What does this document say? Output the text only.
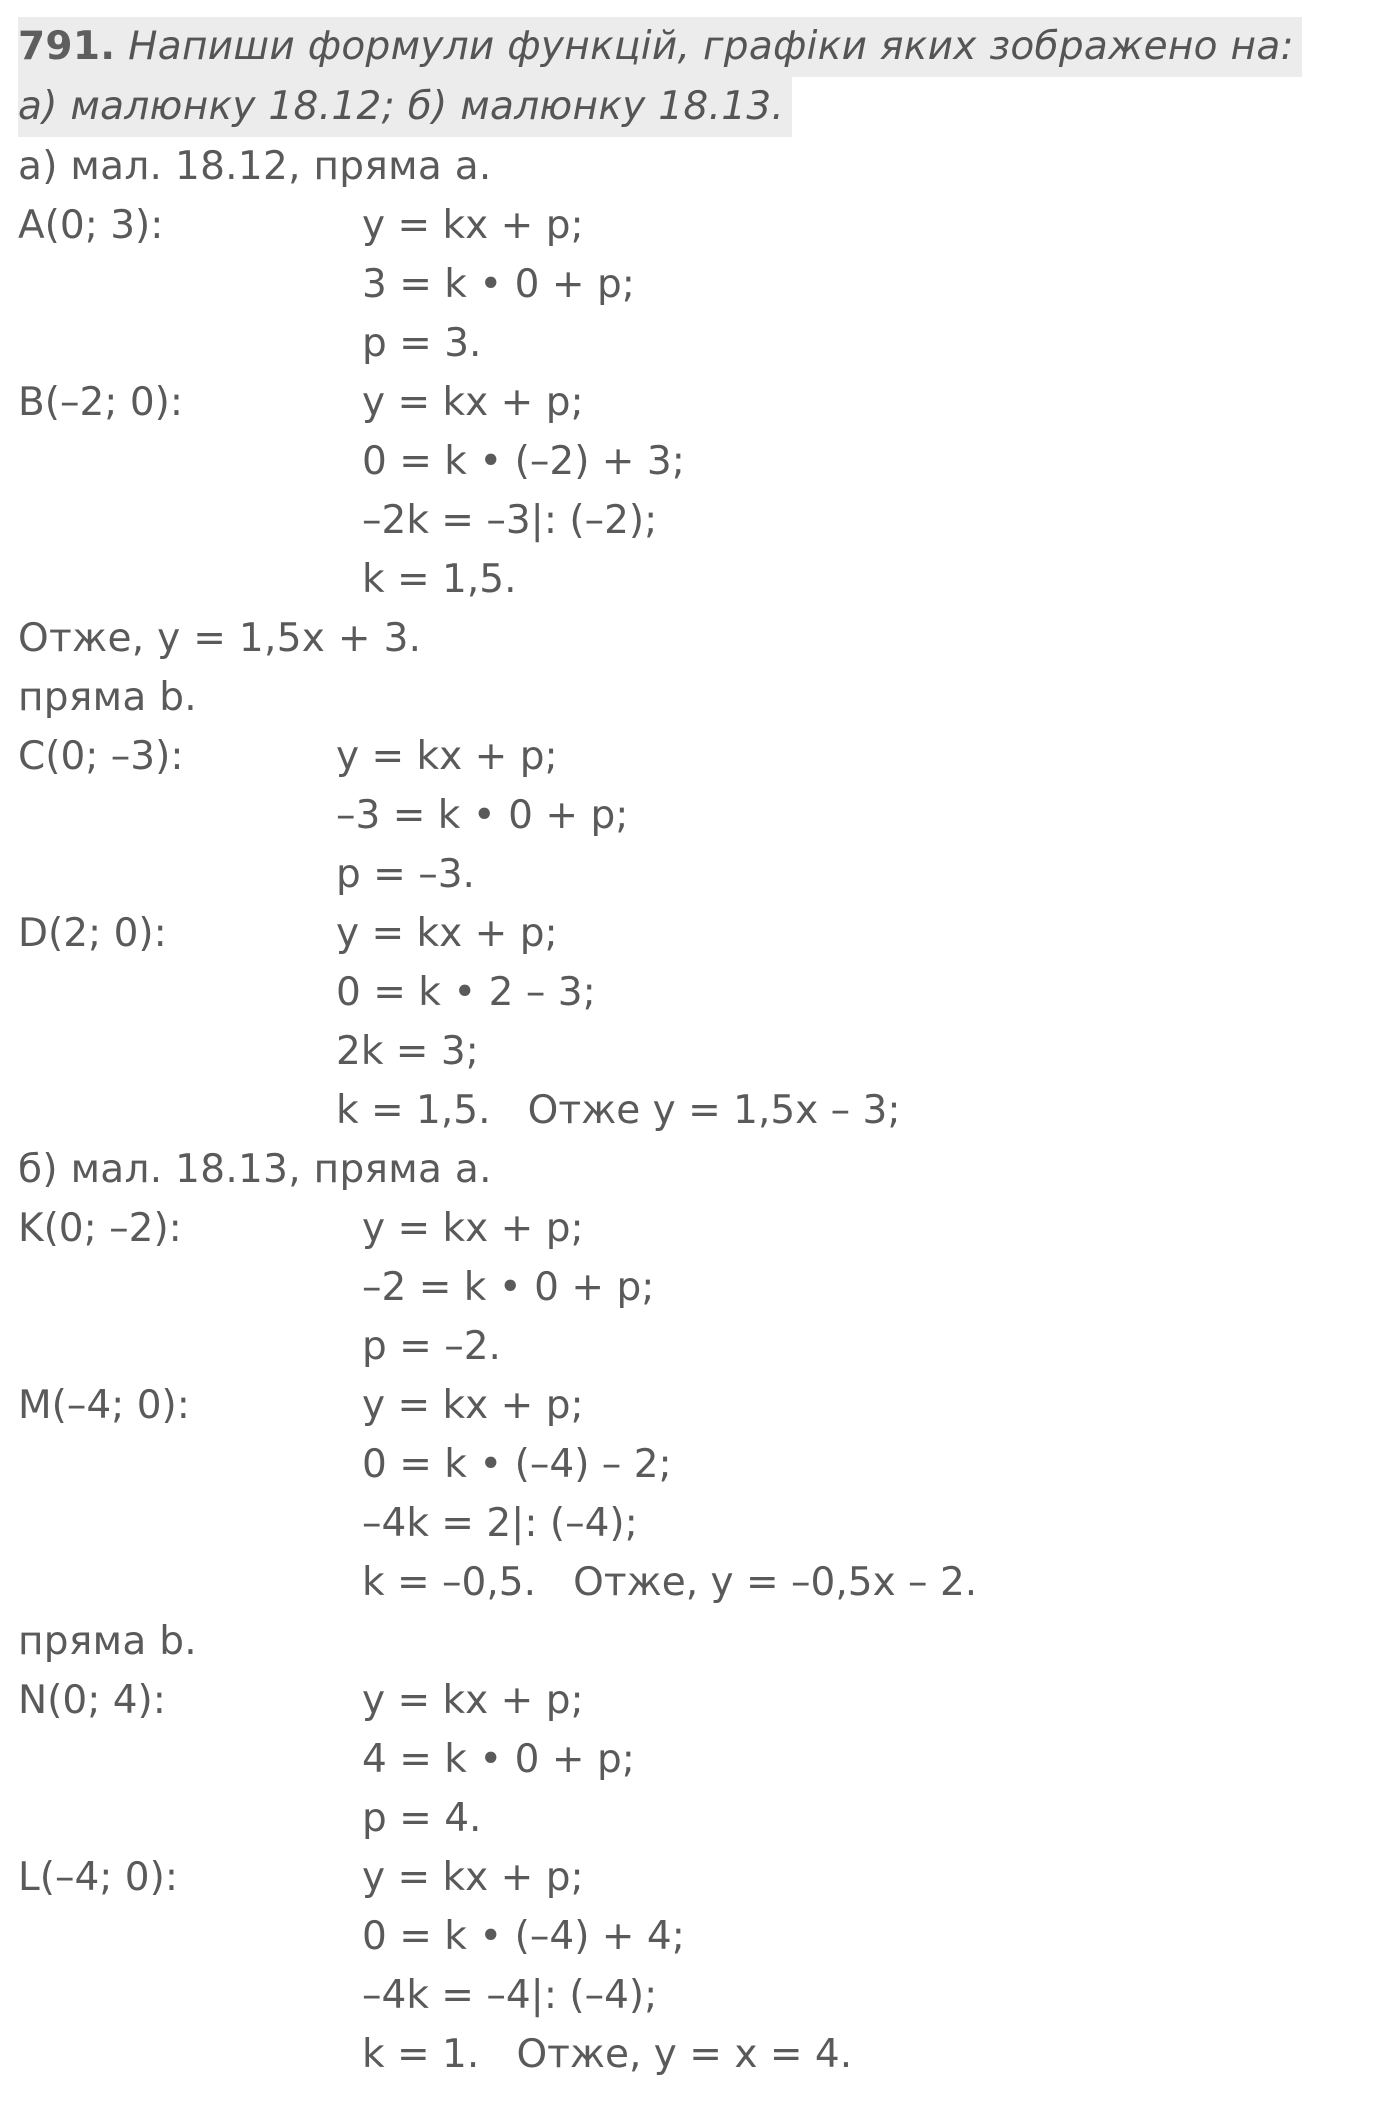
791. Напиши формули функцій, графіки яких зображено на:
а) малюнку 18.12; б) малюнку 18.13.
а) мал. 18.12, пряма a.
A(0; 3):	y = kx + p;
3 = k • 0 + p;
p = 3.
B(–2; 0):	y = kx + p;
0 = k • (–2) + 3;
–2k = –3|: (–2);
k = 1,5.
Отже, y = 1,5x + 3.
пряма b.
C(0; –3):	y = kx + p;
–3 = k • 0 + p;
p = –3.
D(2; 0):	y = kx + p;
0 = k • 2 – 3;
2k = 3;
k = 1,5.   Отже y = 1,5x – 3;
б) мал. 18.13, пряма a.
K(0; –2):	y = kx + p;
–2 = k • 0 + p;
p = –2.
M(–4; 0):	y = kx + p;
0 = k • (–4) – 2;
–4k = 2|: (–4);
k = –0,5.   Отже, y = –0,5x – 2.
пряма b.
N(0; 4):	y = kx + p;
4 = k • 0 + p;
p = 4.
L(–4; 0):	y = kx + p;
0 = k • (–4) + 4;
–4k = –4|: (–4);
k = 1.   Отже, y = x = 4.
